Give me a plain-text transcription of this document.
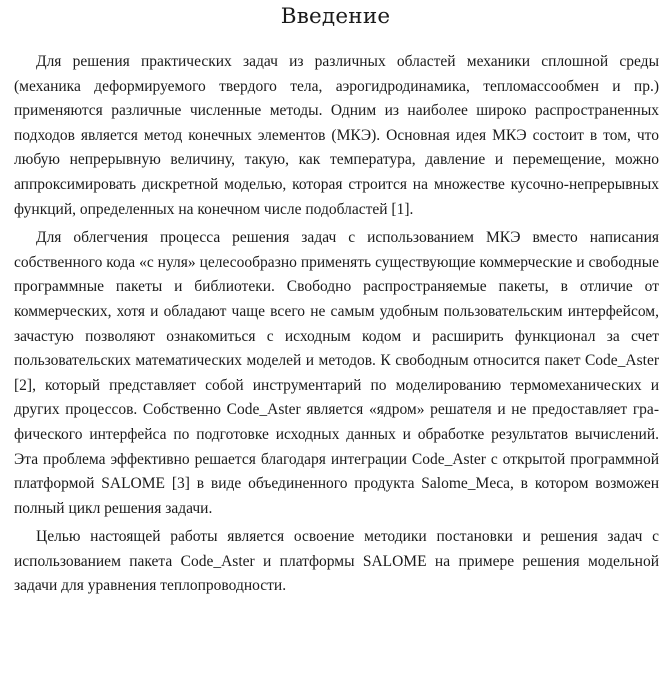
Введение

Для решения практических задач из различных областей механики сплошной среды (механика деформируемого твердого тела, аэрогидродинамика, тепломассообмен и пр.) применяются различные численные методы. Одним из наиболее широко распространенных подходов является метод конечных элементов (МКЭ). Основная идея МКЭ состоит в том, что любую непрерывную величину, такую, как температура, давление и перемещение, можно аппроксимировать дискретной моделью, которая строится на множестве кусочно-непрерывных функций, определенных на конечном числе подобластей [1].

Для облегчения процесса решения задач с использованием МКЭ вместо написания собственного кода «с нуля» целесообразно применять существующие коммерческие и свободные программные пакеты и библиотеки. Свободно распространяемые пакеты, в отличие от коммерческих, хотя и обладают чаще всего не самым удобным пользовательским интерфейсом, зачастую позволяют ознакомиться с исходным кодом и расширить функционал за счет пользовательских математических моделей и методов. К свободным относится пакет Code_Aster [2], который представляет собой инструментарий по моделированию термомеханических и других процессов. Собственно Code_Aster является «ядром» решателя и не предоставляет графического интерфейса по подготовке исходных данных и обработке результатов вычислений. Эта проблема эффективно решается благодаря интеграции Code_Aster с открытой программной платформой SALOME [3] в виде объединенного продукта Salome_Meca, в котором возможен полный цикл решения задачи.

Целью настоящей работы является освоение методики постановки и решения задач с использованием пакета Code_Aster и платформы SALOME на примере решения модельной задачи для уравнения теплопроводности.
